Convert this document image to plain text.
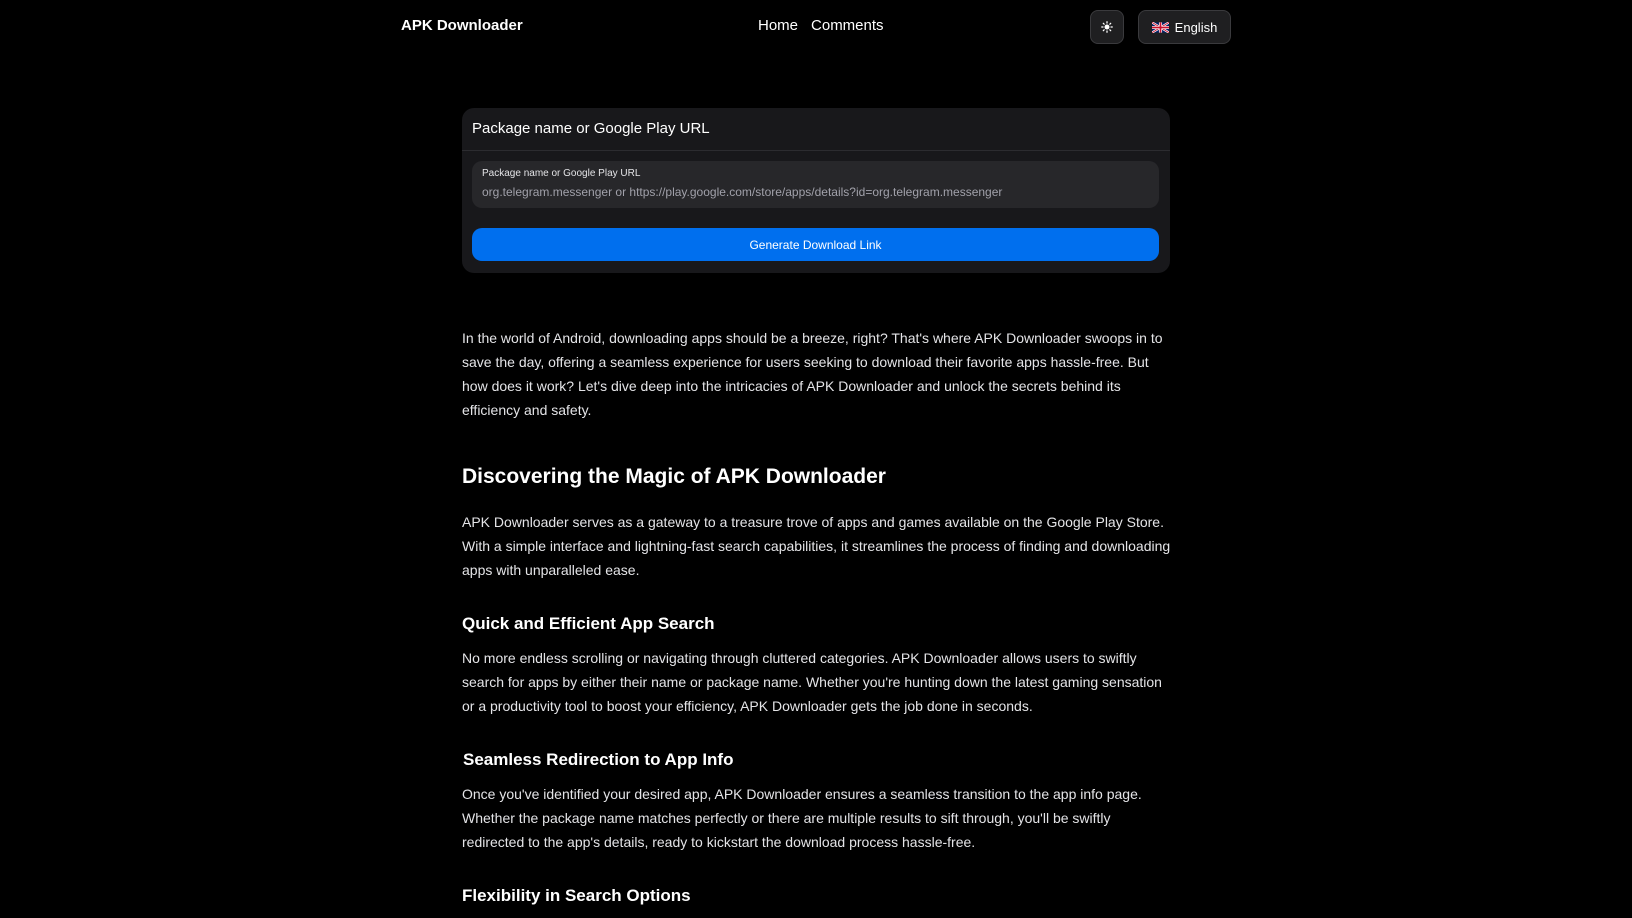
APK Downloader	Home Comments	English
Package name or Google Play URL
Package name or Google Play URL
org.telegram.messenger or https://play.google.com/store/apps/details?id=org.telegram.messenger
Generate Download Link

In the world of Android, downloading apps should be a breeze, right? That's where APK Downloader swoops in to save the day, offering a seamless experience for users seeking to download their favorite apps hassle-free. But how does it work? Let's dive deep into the intricacies of APK Downloader and unlock the secrets behind its efficiency and safety.

Discovering the Magic of APK Downloader

APK Downloader serves as a gateway to a treasure trove of apps and games available on the Google Play Store. With a simple interface and lightning-fast search capabilities, it streamlines the process of finding and downloading apps with unparalleled ease.

Quick and Efficient App Search

No more endless scrolling or navigating through cluttered categories. APK Downloader allows users to swiftly search for apps by either their name or package name. Whether you're hunting down the latest gaming sensation or a productivity tool to boost your efficiency, APK Downloader gets the job done in seconds.

Seamless Redirection to App Info

Once you've identified your desired app, APK Downloader ensures a seamless transition to the app info page. Whether the package name matches perfectly or there are multiple results to sift through, you'll be swiftly redirected to the app's details, ready to kickstart the download process hassle-free.

Flexibility in Search Options
